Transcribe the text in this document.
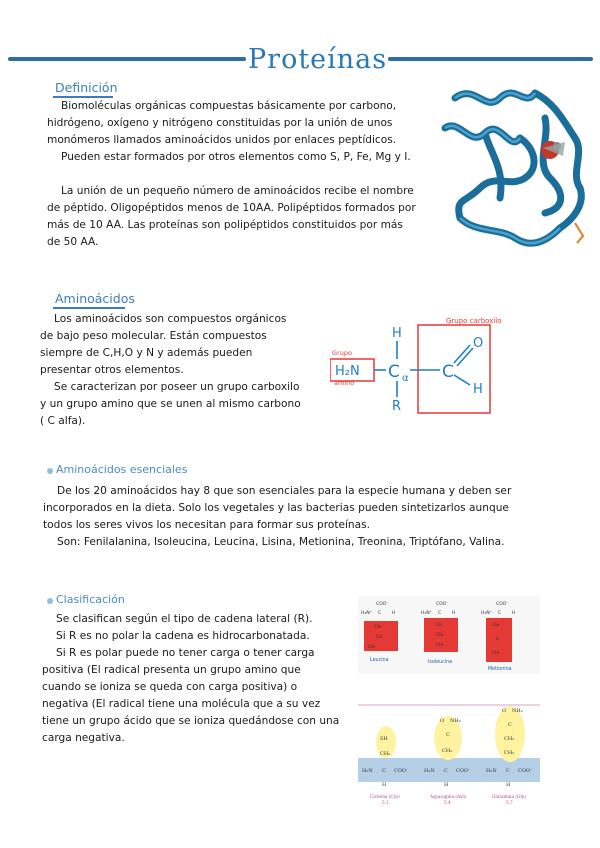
Proteínas
Definición

Biomoléculas orgánicas compuestas básicamente por carbono, hidrógeno, oxígeno y nitrógeno constituidas por la unión de unos monómeros llamados aminoácidos unidos por enlaces peptídicos.

Pueden estar formados por otros elementos como S, P, Fe, Mg y I.

La unión de un pequeño número de aminoácidos recibe el nombre de péptido. Oligopéptidos menos de 10AA. Polipéptidos formados por más de 10 AA. Las proteínas son polipéptidos constituidos por más de 50 AA.

Aminoácidos

Los aminoácidos son compuestos orgánicos de bajo peso molecular. Están compuestos siempre de C,H,O y N y además pueden presentar otros elementos.

Se caracterizan por poseer un grupo carboxilo y un grupo amino que se unen al mismo carbono ( C alfa).

Grupo carboxilo
Grupo
amino
H₂N
H
C α C
O
H
R
Aminoácidos esenciales

De los 20 aminoácidos hay 8 que son esenciales para la especie humana y deben ser incorporados en la dieta. Solo los vegetales y las bacterias pueden sintetizarlos aunque todos los seres vivos los necesitan para formar sus proteínas.

Son: Fenilalanina, Isoleucina, Leucina, Lisina, Metionina, Treonina, Triptófano, Valina.

Clasificación

Se clasifican según el tipo de cadena lateral (R).

Si R es no polar la cadena es hidrocarbonatada.

Si R es polar puede no tener carga o tener carga positiva (El radical presenta un grupo amino que cuando se ioniza se queda con carga positiva) o negativa (El radical tiene una molécula que a su vez tiene un grupo ácido que se ioniza quedándose con una carga negativa.

COO⁻
H₃N⁺ C H
COO⁻
H₃N⁺ C H
COO⁻
H₃N⁺ C H
CH₂
CH
CH₃
CH
CH₂
CH₃
CH₂
S
CH₃
Leucina	Isoleucina
Metionina
SH
CH₂
O NH₂
C
CH₂
O NH₂
C
CH₂
CH₂
H₂N C COO⁻
H
H₂N C COO⁻
H
H₂N C COO⁻
H
Cisteína (Cys)
5.1
Asparagina (Asn)
5.4
Glutamina (Gln)
5.7
